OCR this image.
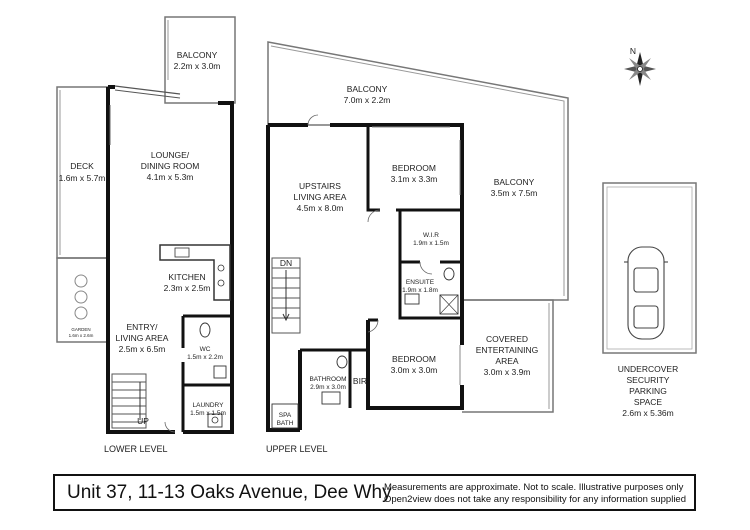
N
BALCONY
2.2m x 3.0m
DECK
1.6m x 5.7m
LOUNGE/
DINING ROOM
4.1m x 5.3m
KITCHEN
2.3m x 2.5m
ENTRY/
LIVING AREA
2.5m x 6.5m	WC
1.5m x 2.2m
LAUNDRY
1.5m x 1.5m
GARDEN
1.6m x 2.6m
UP
BALCONY
7.0m x 2.2m
UPSTAIRS
LIVING AREA
4.5m x 8.0m
BEDROOM
3.1m x 3.3m
W.I.R
1.9m x 1.5m
ENSUITE
1.9m x 1.8m
BALCONY
3.5m x 7.5m
COVERED
ENTERTAINING
AREA
3.0m x 3.9m
BEDROOM
3.0m x 3.0m
BATHROOM
2.9m x 3.0m
BIR
SPA
BATH
DN
UNDERCOVER
SECURITY
PARKING
SPACE
2.6m x 5.36m
LOWER LEVEL	UPPER LEVEL
Unit 37, 11-13 Oaks Avenue, Dee Why
Measurements are approximate. Not to scale. Illustrative purposes only
Open2view does not take any responsibility for any information supplied
